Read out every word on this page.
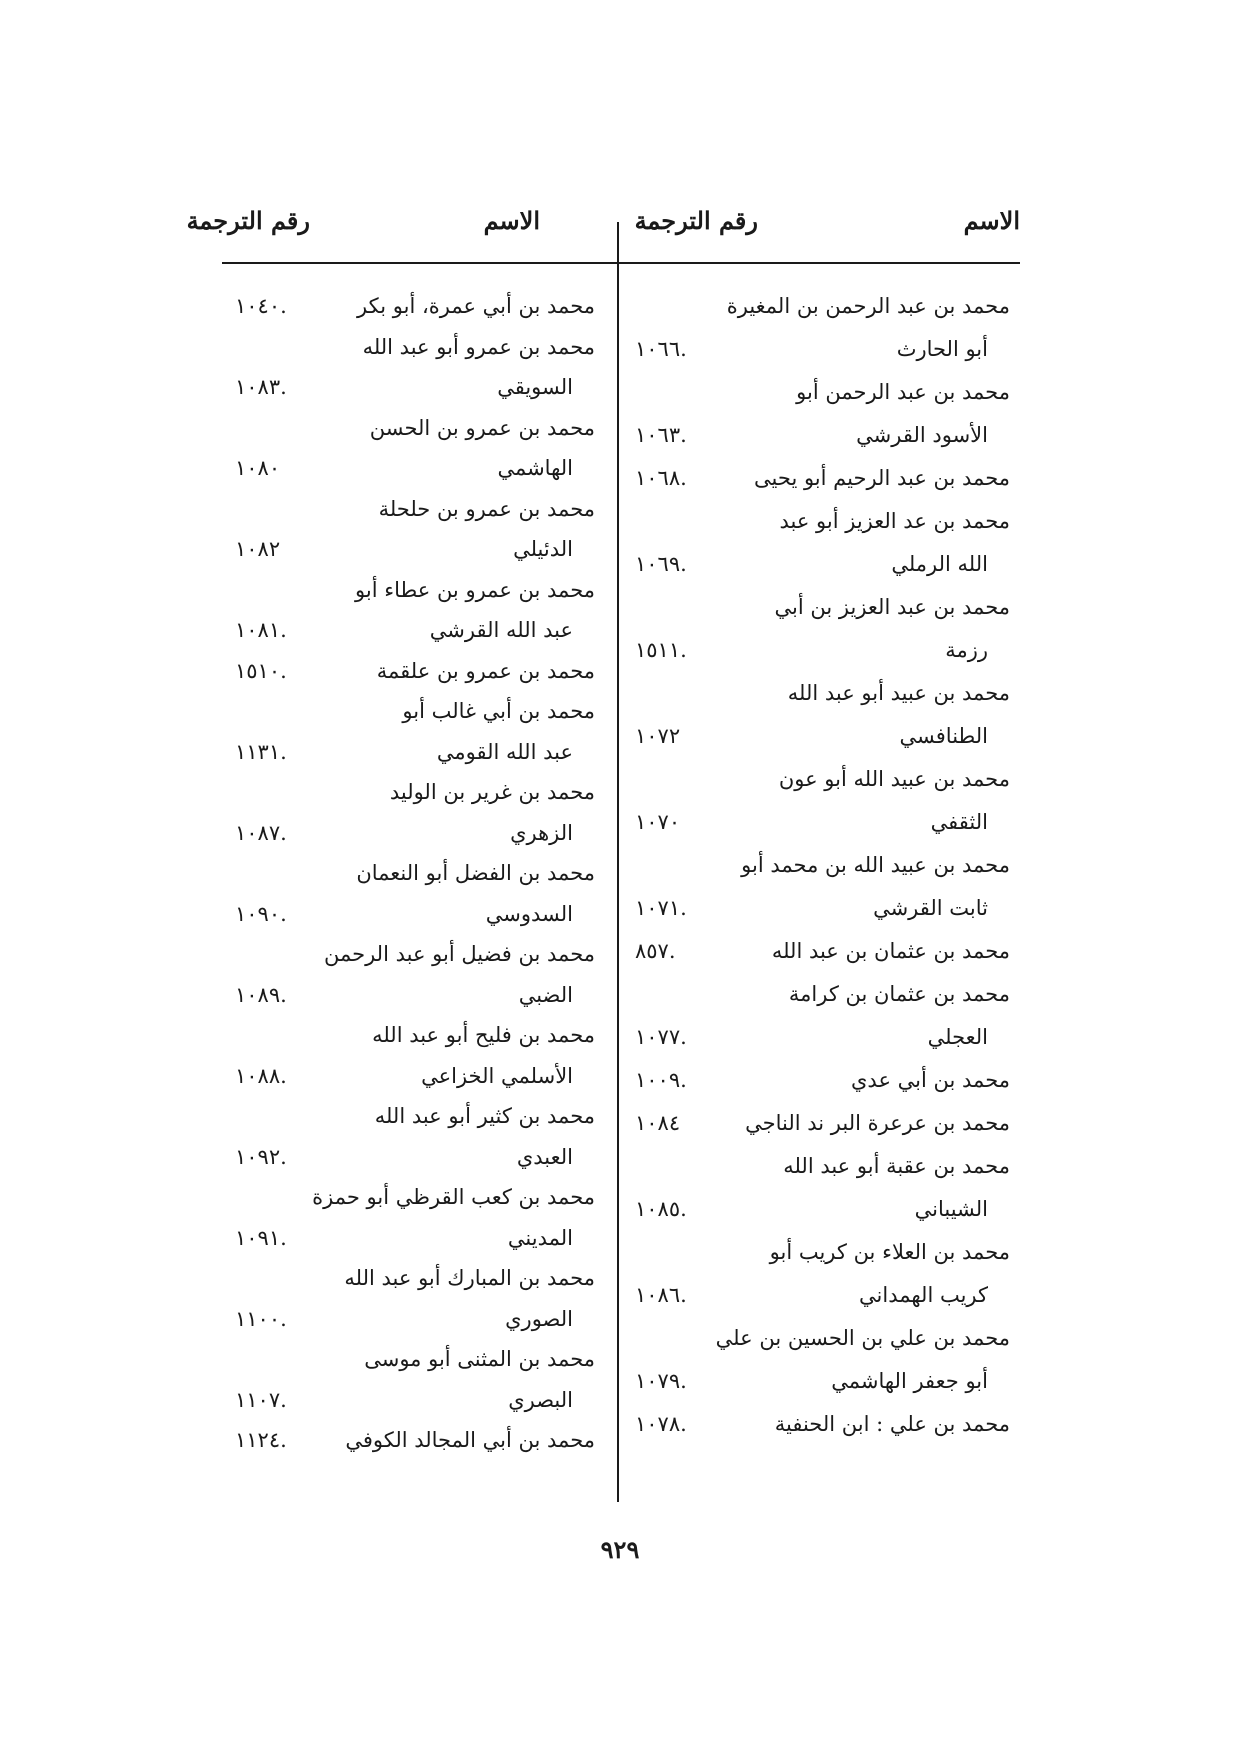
الاسم
رقم الترجمة
الاسم
رقم الترجمة
محمد بن عبد الرحمن بن المغيرة
أبو الحارث
.١٠٦٦
محمد بن عبد الرحمن أبو
الأسود القرشي
.١٠٦٣
محمد بن عبد الرحيم أبو يحيى
.١٠٦٨
محمد بن عد العزيز أبو عبد
الله الرملي
.١٠٦٩
محمد بن عبد العزيز بن أبي
رزمة
.١٥١١
محمد بن عبيد أبو عبد الله
الطنافسي
١٠٧٢
محمد بن عبيد الله أبو عون
الثقفي
١٠٧٠
محمد بن عبيد الله بن محمد أبو
ثابت القرشي
.١٠٧١
محمد بن عثمان بن عبد الله
.٨٥٧
محمد بن عثمان بن كرامة
العجلي
.١٠٧٧
محمد بن أبي عدي
.١٠٠٩
محمد بن عرعرة البر ند الناجي
١٠٨٤
محمد بن عقبة أبو عبد الله
الشيباني
.١٠٨٥
محمد بن العلاء بن كريب أبو
كريب الهمداني
.١٠٨٦
محمد بن علي بن الحسين بن علي
أبو جعفر الهاشمي
.١٠٧٩
محمد بن علي : ابن الحنفية
.١٠٧٨
محمد بن أبي عمرة، أبو بكر
.١٠٤٠
محمد بن عمرو أبو عبد الله
السويقي
.١٠٨٣
محمد بن عمرو بن الحسن
الهاشمي
١٠٨٠
محمد بن عمرو بن حلحلة
الدئيلي
١٠٨٢
محمد بن عمرو بن عطاء أبو
عبد الله القرشي
.١٠٨١
محمد بن عمرو بن علقمة
.١٥١٠
محمد بن أبي غالب أبو
عبد الله القومي
.١١٣١
محمد بن غرير بن الوليد
الزهري
.١٠٨٧
محمد بن الفضل أبو النعمان
السدوسي
.١٠٩٠
محمد بن فضيل أبو عبد الرحمن
الضبي
.١٠٨٩
محمد بن فليح أبو عبد الله
الأسلمي الخزاعي
.١٠٨٨
محمد بن كثير أبو عبد الله
العبدي
.١٠٩٢
محمد بن كعب القرظي أبو حمزة
المديني
.١٠٩١
محمد بن المبارك أبو عبد الله
الصوري
.١١٠٠
محمد بن المثنى أبو موسى
البصري
.١١٠٧
محمد بن أبي المجالد الكوفي
.١١٢٤
٩٢٩
